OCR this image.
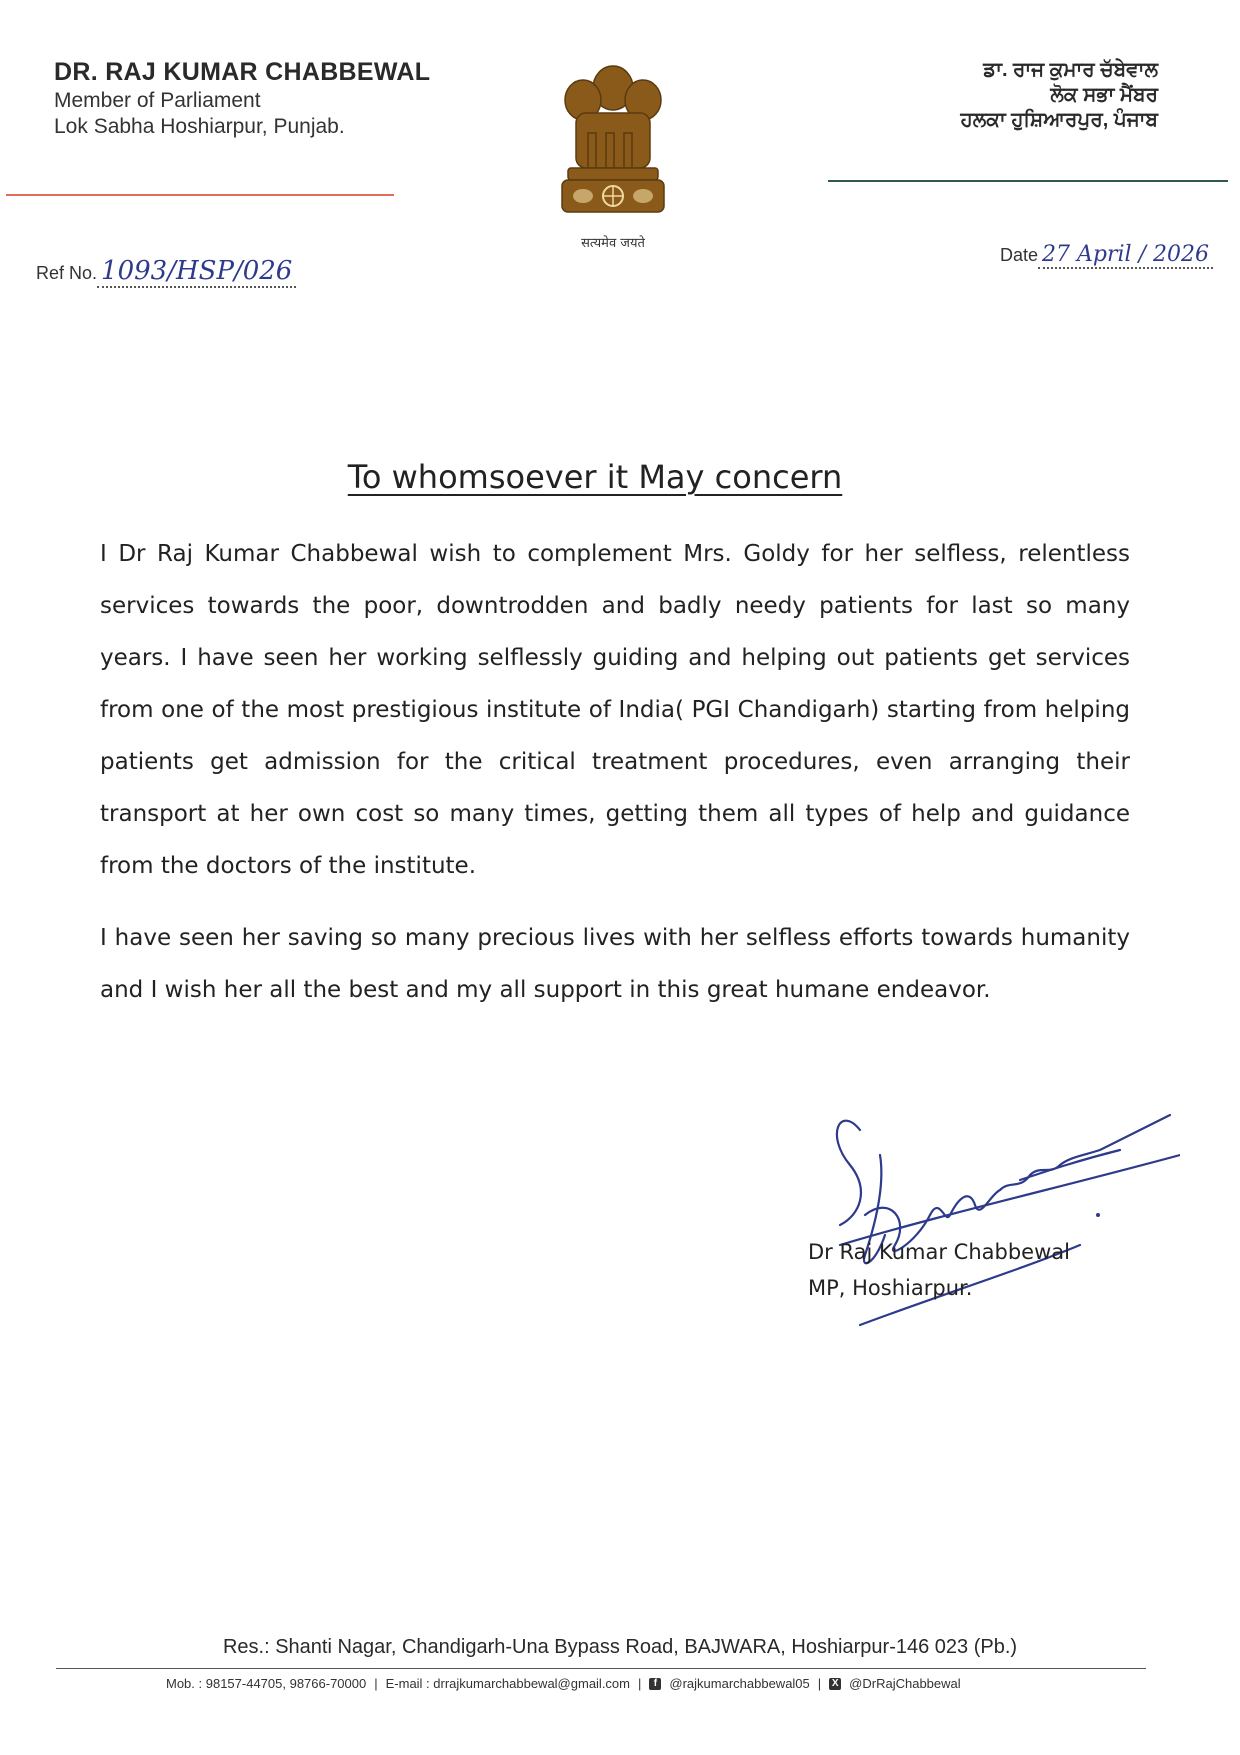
DR. RAJ KUMAR CHABBEWAL
Member of Parliament
Lok Sabha Hoshiarpur, Punjab.
सत्यमेव जयते
ਡਾ. ਰਾਜ ਕੁਮਾਰ ਚੱਬੇਵਾਲ
ਲੋਕ ਸਭਾ ਮੈਂਬਰ
ਹਲਕਾ ਹੁਸ਼ਿਆਰਪੁਰ, ਪੰਜਾਬ
Ref No. 1093/HSP/026
Date 27 April / 2026
To whomsoever it May concern

I Dr Raj Kumar Chabbewal wish to complement Mrs. Goldy for her selfless, relentless services towards the poor, downtrodden and badly needy patients for last so many years. I have seen her working selflessly guiding and helping out patients get services from one of the most prestigious institute of India( PGI Chandigarh) starting from helping patients get admission for the critical treatment procedures, even arranging their transport at her own cost so many times, getting them all types of help and guidance from the doctors of the institute.

I have seen her saving so many precious lives with her selfless efforts towards humanity and I wish her all the best and my all support in this great humane endeavor.

Dr Raj Kumar Chabbewal
MP, Hoshiarpur.
Res.: Shanti Nagar, Chandigarh-Una Bypass Road, BAJWARA, Hoshiarpur-146 023 (Pb.)
Mob. : 98157-44705, 98766-70000 | E-mail : drrajkumarchabbewal@gmail.com |	f @rajkumarchabbewal05 | X @DrRajChabbewal
